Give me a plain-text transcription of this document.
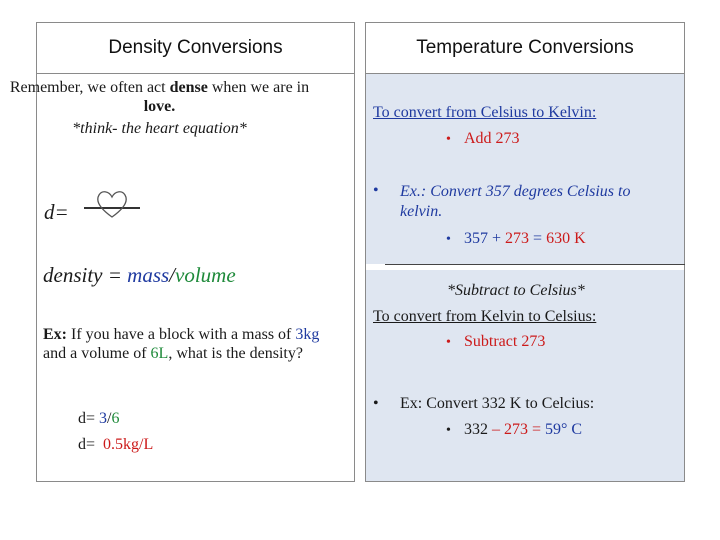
Density Conversions
Remember, we often act dense when we are in love.
*think- the heart equation*
d=
density = mass/volume
Ex: If you have a block with a mass of 3kg and a volume of 6L, what is the density?
d= 3/6
d=  0.5kg/L
Temperature Conversions
To convert from Celsius to Kelvin:
• Add 273
•	Ex.: Convert 357 degrees Celsius to kelvin.
• 357 + 273 = 630 K
*Subtract to Celsius*
To convert from Kelvin to Celsius:
• Subtract 273
• Ex: Convert 332 K to Celcius:
• 332 – 273 = 59° C
